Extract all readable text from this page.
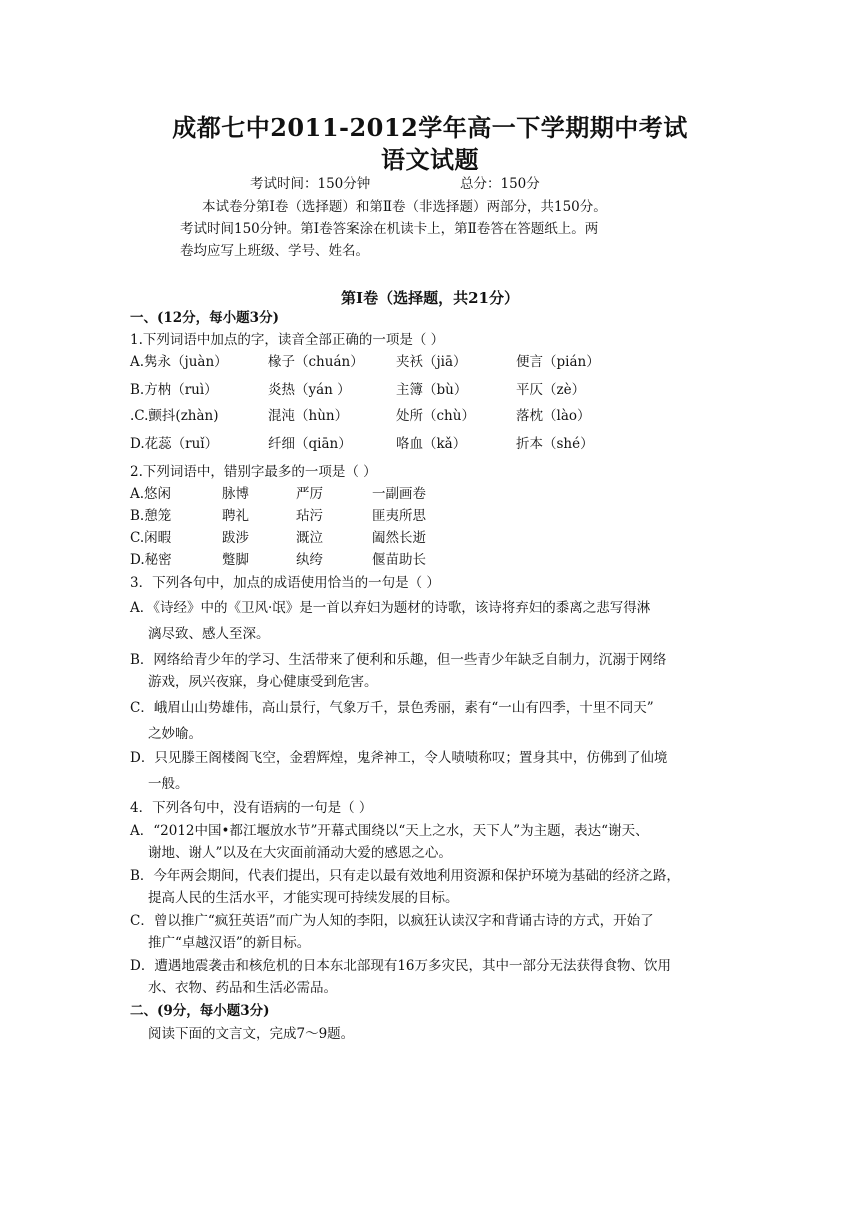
成都七中2011-2012学年高一下学期期中考试
语文试题
考试时间：150分钟	总分：150分
本试卷分第Ⅰ卷（选择题）和第Ⅱ卷（非选择题）两部分，共150分。
考试时间150分钟。第Ⅰ卷答案涂在机读卡上，第Ⅱ卷答在答题纸上。两
卷均应写上班级、学号、姓名。
第Ⅰ卷（选择题，共21分）
一、(12分，每小题3分)
1.下列词语中加点的字，读音全部正确的一项是（ ）
A.隽永（juàn）	椽子（chuán） 夹袄（jiā）	便言（pián）
B.方枘（ruì）	炎热（yán ）	主簿（bù）	平仄（zè）
.C.颤抖(zhàn)	混沌（hùn）	处所（chù）	落枕（lào）
D.花蕊（ruǐ）	纤细（qiān）	咯血（kǎ）	折本（shé）
2.下列词语中，错别字最多的一项是（ ）
A.悠闲	脉博	严厉	一副画卷
B.憩笼	聘礼	玷污	匪夷所思
C.闲暇	跋涉	溉泣	阖然长逝
D.秘密	蹩脚	纨绔	偃苗助长
3．下列各句中，加点的成语使用恰当的一句是（ ）
A．《诗经》中的《卫风·氓》是一首以弃妇为题材的诗歌，该诗将弃妇的黍离之悲写得淋
漓尽致、感人至深。
B．网络给青少年的学习、生活带来了便利和乐趣，但一些青少年缺乏自制力，沉溺于网络
游戏，夙兴夜寐，身心健康受到危害。
C．峨眉山山势雄伟，高山景行，气象万千，景色秀丽，素有“一山有四季，十里不同天”
之妙喻。
D．只见滕王阁楼阁飞空，金碧辉煌，鬼斧神工，令人啧啧称叹；置身其中，仿佛到了仙境
一般。
4．下列各句中，没有语病的一句是（ ）
A．“2012中国•都江堰放水节”开幕式围绕以“天上之水，天下人”为主题，表达“谢天、
谢地、谢人”以及在大灾面前涌动大爱的感恩之心。
B．今年两会期间，代表们提出，只有走以最有效地利用资源和保护环境为基础的经济之路，
提高人民的生活水平，才能实现可持续发展的目标。
C．曾以推广“疯狂英语”而广为人知的李阳，以疯狂认读汉字和背诵古诗的方式，开始了
推广“卓越汉语”的新目标。
D．遭遇地震袭击和核危机的日本东北部现有16万多灾民，其中一部分无法获得食物、饮用
水、衣物、药品和生活必需品。
二、(9分，每小题3分)
阅读下面的文言文，完成7～9题。
